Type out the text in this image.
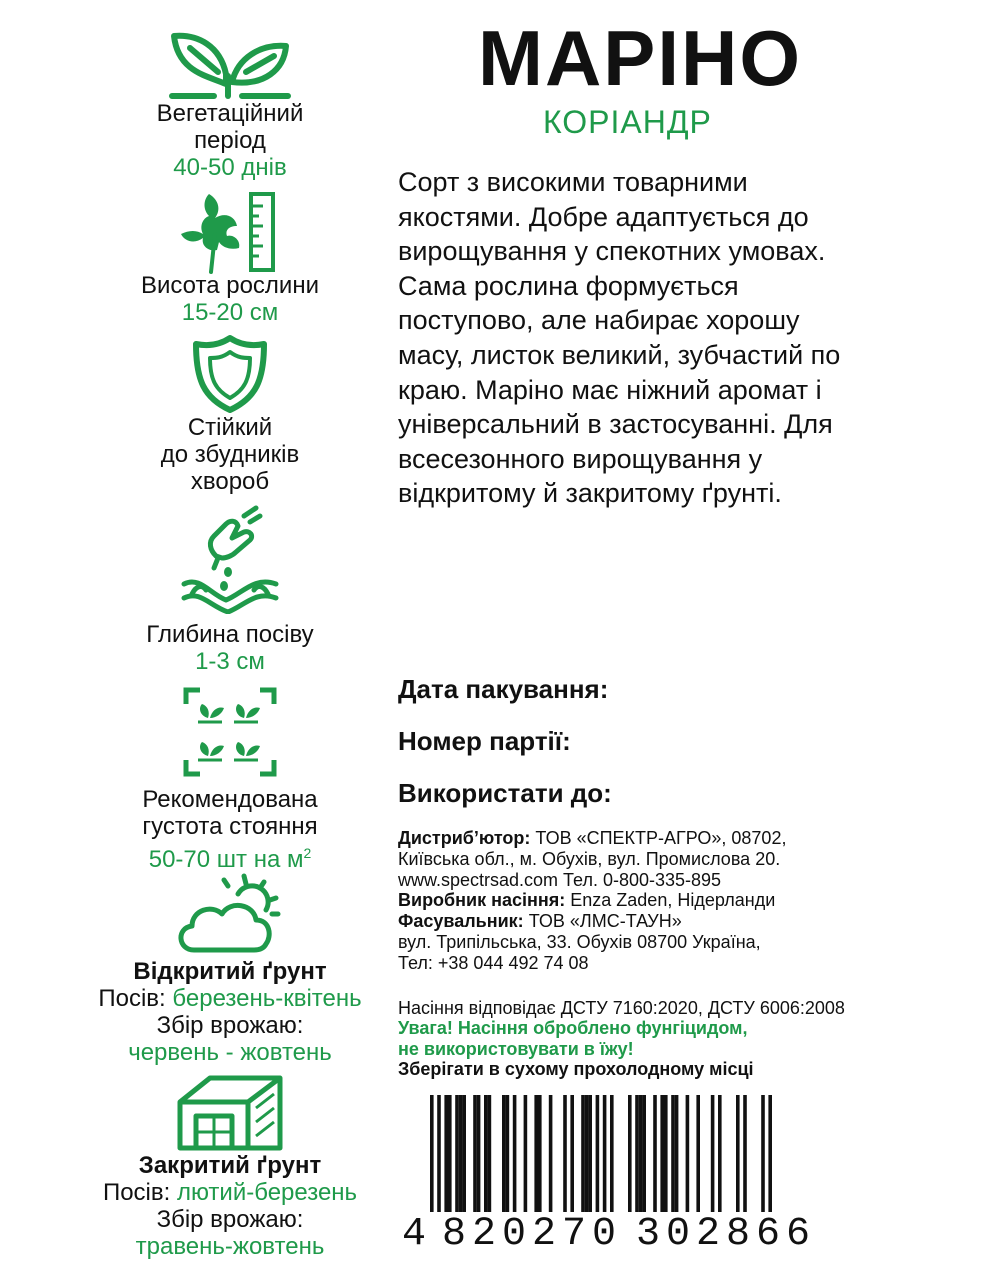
Вегетаційний
період
40-50 днів
Висота рослини
15-20 см
Стійкий
до збудників
хвороб
Глибина посіву
1-3 см
Рекомендована
густота стояння
50-70 шт на $м^2$
Відкритий ґрунт
Посів: березень-квітень
Збір врожаю:
червень - жовтень
Закритий ґрунт
Посів: лютий-березень
Збір врожаю:
травень-жовтень
МАРІНО
КОРІАНДР
Сорт з високими товарними
якостями. Добре адаптується до
вирощування у спекотних умовах.
Сама рослина формується
поступово, але набирає хорошу
масу, листок великий, зубчастий по
краю. Маріно має ніжний аромат і
універсальний в застосуванні. Для
всесезонного вирощування у
відкритому й закритому ґрунті.
Дата пакування:
Номер партії:
Використати до:
Дистриб’ютор: ТОВ «СПЕКТР-АГРО», 08702,
Київська обл., м. Обухів, вул. Промислова 20.
www.spectrsad.com Тел. 0-800-335-895
Виробник насіння: Enza Zaden, Нідерланди
Фасувальник: ТОВ «ЛМС-ТАУН»
вул. Трипільська, 33. Обухів 08700 Україна,
Тел: +38 044 492 74 08
Насіння відповідає ДСТУ 7160:2020, ДСТУ 6006:2008
Увага! Насіння оброблено фунгіцидом,
не використовувати в їжу!
Зберігати в сухому прохолодному місці
4 8 2 0 2 7 0 3 0 2 8 6 6
